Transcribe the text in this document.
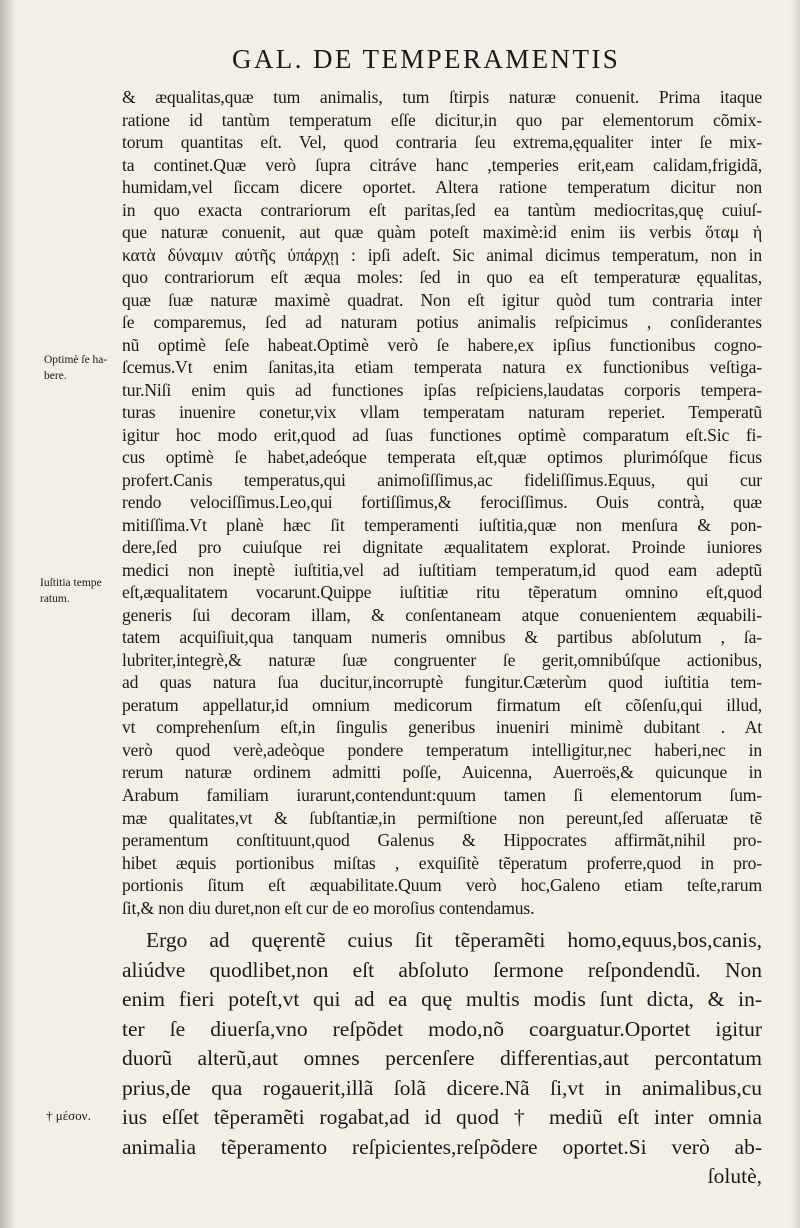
GAL. DE TEMPERAMENTIS
Optimè ſe ha-
bere.
Iuſtitia tempe
ratum.
† μέσον.
& æqualitas,quæ tum animalis, tum ſtirpis naturæ conuenit. Prima itaque
ratione id tantùm temperatum eſſe dicitur,in quo par elementorum cõmix-
torum quantitas eſt. Vel, quod contraria ſeu extrema,ęqualiter inter ſe mix-
ta continet.Quæ verò ſupra citráve hanc ,temperies erit,eam calidam,frigidã,
humidam,vel ſiccam dicere oportet. Altera ratione temperatum dicitur non
in quo exacta contrariorum eſt paritas,ſed ea tantùm mediocritas,quę cuiuſ-
que naturæ conuenit, aut quæ quàm poteſt maximè:id enim iis verbis ὅταμ ἡ
κατὰ δύναμιν αὐτῆς ὑπάρχῃ : ipſi adeſt. Sic animal dicimus temperatum, non in
quo contrariorum eſt æqua moles: ſed in quo ea eſt temperaturæ ęqualitas,
quæ ſuæ naturæ maximè quadrat. Non eſt igitur quòd tum contraria inter
ſe comparemus, ſed ad naturam potius animalis reſpicimus , conſiderantes
nũ optimè ſeſe habeat.Optimè verò ſe habere,ex ipſius functionibus cogno-
ſcemus.Vt enim ſanitas,ita etiam temperata natura ex functionibus veſtiga-
tur.Niſi enim quis ad functiones ipſas reſpiciens,laudatas corporis tempera-
turas inuenire conetur,vix vllam temperatam naturam reperiet. Temperatũ
igitur hoc modo erit,quod ad ſuas functiones optimè comparatum eſt.Sic fi-
cus optimè ſe habet,adeóque temperata eſt,quæ optimos plurimóſque ficus
profert.Canis temperatus,qui animoſiſſimus,ac fideliſſimus.Equus, qui cur
rendo velociſſimus.Leo,qui fortiſſimus,& feroсiſſimus. Ouis contrà, quæ
mitiſſima.Vt planè hæc ſit temperamenti iuſtitia,quæ non menſura & pon-
dere,ſed pro cuiuſque rei dignitate æqualitatem explorat. Proinde iuniores
medici non ineptè iuſtitia,vel ad iuſtitiam temperatum,id quod eam adeptũ
eſt,æqualitatem vocarunt.Quippe iuſtitiæ ritu tẽperatum omnino eſt,quod
generis ſui decoram illam, & conſentaneam atque conuenientem æquabili-
tatem acquiſiuit,qua tanquam numeris omnibus & partibus abſolutum , ſa-
lubriter,integrè,& naturæ ſuæ congruenter ſe gerit,omnibúſque actionibus,
ad quas natura ſua ducitur,incorruptè fungitur.Cæterùm quod iuſtitia tem-
peratum appellatur,id omnium medicorum firmatum eſt cõſenſu,qui illud,
vt comprehenſum eſt,in ſingulis generibus inueniri minimè dubitant . At
verò quod verè,adeòque pondere temperatum intelligitur,nec haberi,nec in
rerum naturæ ordinem admitti poſſe, Auicenna, Auerroës,& quicunque in
Arabum familiam iurarunt,contendunt:quum tamen ſi elementorum ſum-
mæ qualitates,vt & ſubſtantiæ,in permiſtione non pereunt,ſed aſſeruatæ tẽ
peramentum conſtituunt,quod Galenus & Hippocrates affirmãt,nihil pro-
hibet æquis portionibus miſtas , exquiſitè tẽperatum proferre,quod in pro-
portionis ſitum eſt æquabilitate.Quum verò hoc,Galeno etiam teſte,rarum
ſit,& non diu duret,non eſt cur de eo moroſius contendamus.
Ergo ad quęrentẽ cuius ſit tẽperamẽti homo,equus,bos,canis,
aliúdve quodlibet,non eſt abſoluto ſermone reſpondendũ. Non
enim fieri poteſt,vt qui ad ea quę multis modis ſunt dicta, & in-
ter ſe diuerſa,vno reſpõdet modo,nõ coarguatur.Oportet igitur
duorũ alterũ,aut omnes percenſere differentias,aut percontatum
prius,de qua rogauerit,illã ſolã dicere.Nã ſi,vt in animalibus,cu
ius eſſet tẽperamẽti rogabat,ad id quod † mediũ eſt inter omnia
animalia tẽperamento reſpicientes,reſpõdere oportet.Si verò ab-
ſolutè,
